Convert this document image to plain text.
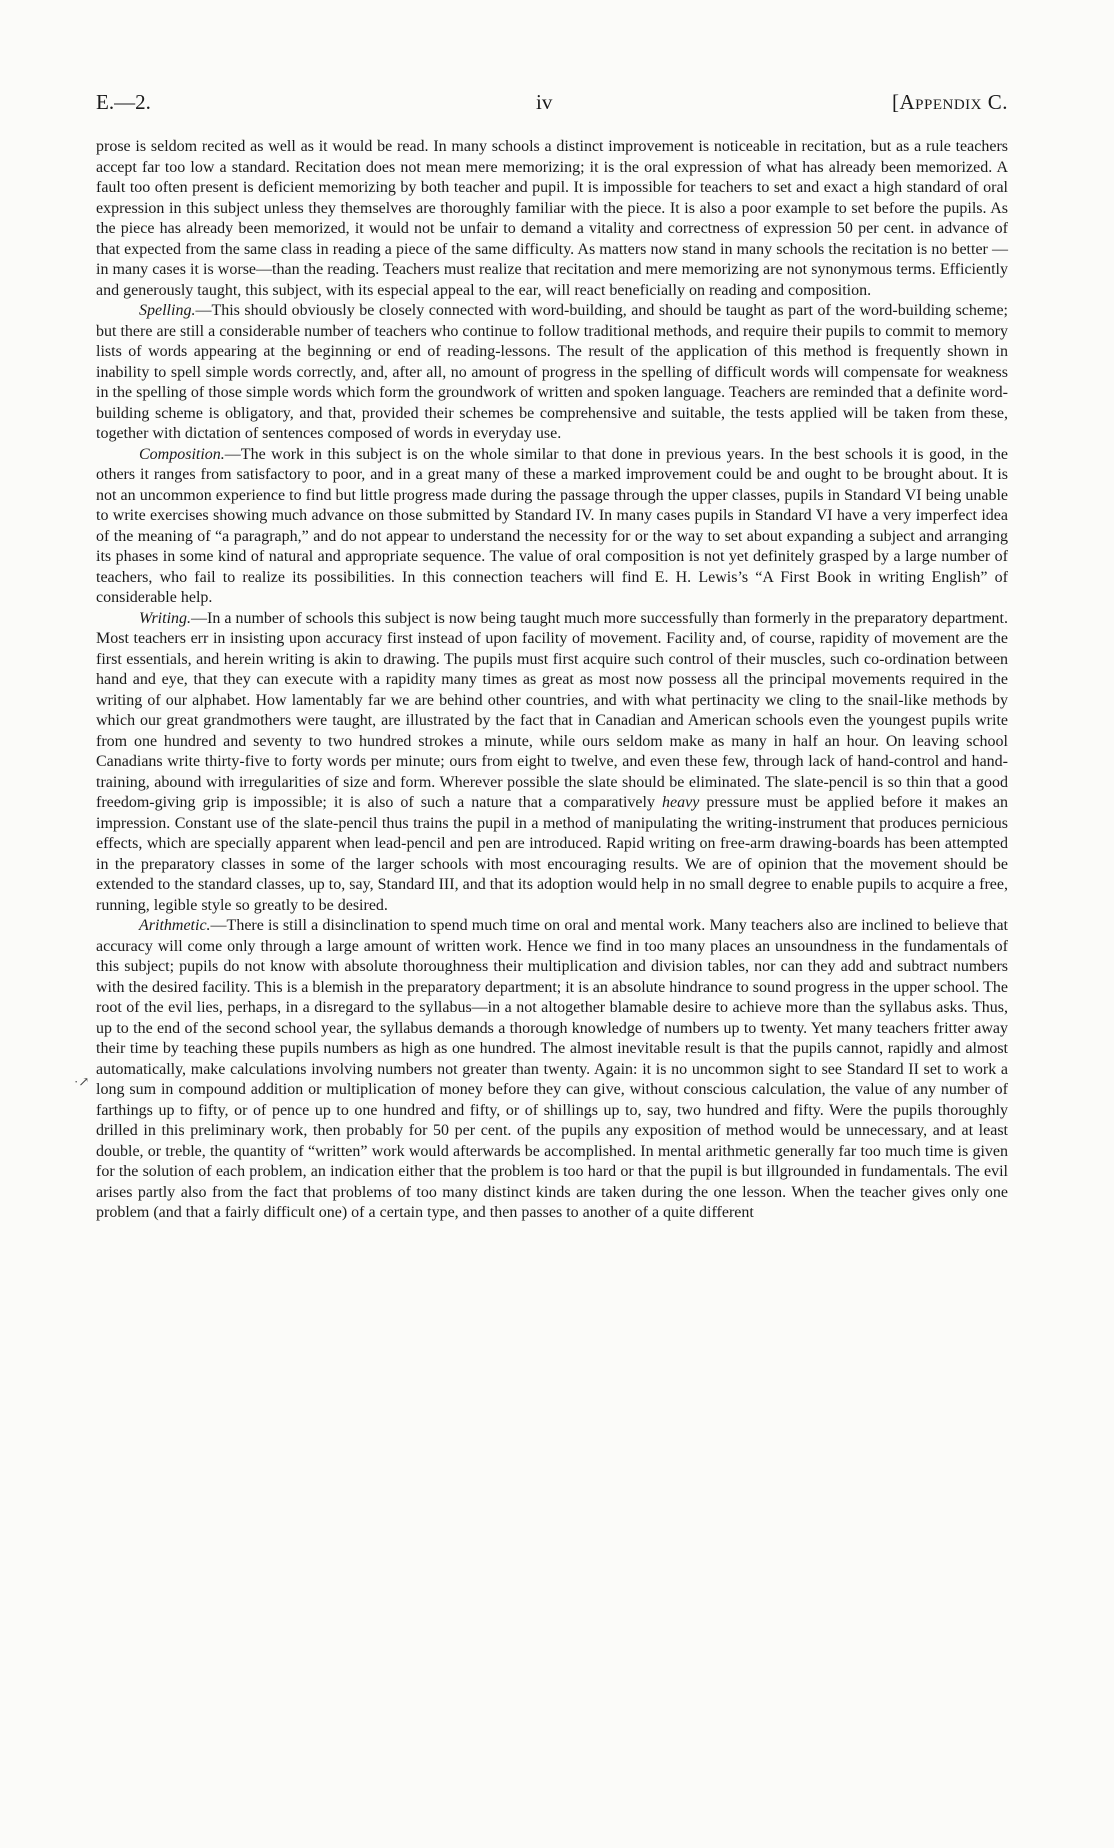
E.—2.	iv	[Appendix C.
·↗

prose is seldom recited as well as it would be read. In many schools a distinct improvement is noticeable in recitation, but as a rule teachers accept far too low a standard. Recitation does not mean mere memorizing; it is the oral expression of what has already been memorized. A fault too often present is deficient memorizing by both teacher and pupil. It is impossible for teachers to set and exact a high standard of oral expression in this subject unless they themselves are thoroughly familiar with the piece. It is also a poor example to set before the pupils. As the piece has already been memorized, it would not be unfair to demand a vitality and correctness of expression 50 per cent. in advance of that expected from the same class in reading a piece of the same difficulty. As matters now stand in many schools the recitation is no better —in many cases it is worse—than the reading. Teachers must realize that recitation and mere memorizing are not synonymous terms. Efficiently and generously taught, this subject, with its especial appeal to the ear, will react beneficially on reading and composition.

Spelling.—This should obviously be closely connected with word-building, and should be taught as part of the word-building scheme; but there are still a considerable number of teachers who continue to follow traditional methods, and require their pupils to commit to memory lists of words appearing at the beginning or end of reading-lessons. The result of the application of this method is frequently shown in inability to spell simple words correctly, and, after all, no amount of progress in the spelling of difficult words will compensate for weakness in the spelling of those simple words which form the groundwork of written and spoken language. Teachers are reminded that a definite word-building scheme is obligatory, and that, provided their schemes be comprehensive and suitable, the tests applied will be taken from these, together with dictation of sentences composed of words in everyday use.

Composition.—The work in this subject is on the whole similar to that done in previous years. In the best schools it is good, in the others it ranges from satisfactory to poor, and in a great many of these a marked improvement could be and ought to be brought about. It is not an uncommon experience to find but little progress made during the passage through the upper classes, pupils in Standard VI being unable to write exercises showing much advance on those submitted by Standard IV. In many cases pupils in Standard VI have a very imperfect idea of the meaning of “a paragraph,” and do not appear to understand the necessity for or the way to set about expanding a subject and arranging its phases in some kind of natural and appropriate sequence. The value of oral composition is not yet definitely grasped by a large number of teachers, who fail to realize its possibilities. In this connection teachers will find E. H. Lewis’s “A First Book in writing English” of considerable help.

Writing.—In a number of schools this subject is now being taught much more successfully than formerly in the preparatory department. Most teachers err in insisting upon accuracy first instead of upon facility of movement. Facility and, of course, rapidity of movement are the first essentials, and herein writing is akin to drawing. The pupils must first acquire such control of their muscles, such co-ordination between hand and eye, that they can execute with a rapidity many times as great as most now possess all the principal movements required in the writing of our alphabet. How lamentably far we are behind other countries, and with what pertinacity we cling to the snail-like methods by which our great grandmothers were taught, are illustrated by the fact that in Canadian and American schools even the youngest pupils write from one hundred and seventy to two hundred strokes a minute, while ours seldom make as many in half an hour. On leaving school Canadians write thirty-five to forty words per minute; ours from eight to twelve, and even these few, through lack of hand-control and hand-training, abound with irregularities of size and form. Wherever possible the slate should be eliminated. The slate-pencil is so thin that a good freedom-giving grip is impossible; it is also of such a nature that a comparatively heavy pressure must be applied before it makes an impression. Constant use of the slate-pencil thus trains the pupil in a method of manipulating the writing-instrument that produces pernicious effects, which are specially apparent when lead-pencil and pen are introduced. Rapid writing on free-arm drawing-boards has been attempted in the preparatory classes in some of the larger schools with most encouraging results. We are of opinion that the movement should be extended to the standard classes, up to, say, Standard III, and that its adoption would help in no small degree to enable pupils to acquire a free, running, legible style so greatly to be desired.

Arithmetic.—There is still a disinclination to spend much time on oral and mental work. Many teachers also are inclined to believe that accuracy will come only through a large amount of written work. Hence we find in too many places an unsoundness in the fundamentals of this subject; pupils do not know with absolute thoroughness their multiplication and division tables, nor can they add and subtract numbers with the desired facility. This is a blemish in the preparatory department; it is an absolute hindrance to sound progress in the upper school. The root of the evil lies, perhaps, in a disregard to the syllabus—in a not altogether blamable desire to achieve more than the syllabus asks. Thus, up to the end of the second school year, the syllabus demands a thorough knowledge of numbers up to twenty. Yet many teachers fritter away their time by teaching these pupils numbers as high as one hundred. The almost inevitable result is that the pupils cannot, rapidly and almost automatically, make calculations involving numbers not greater than twenty. Again: it is no uncommon sight to see Standard II set to work a long sum in compound addition or multiplication of money before they can give, without conscious calculation, the value of any number of farthings up to fifty, or of pence up to one hundred and fifty, or of shillings up to, say, two hundred and fifty. Were the pupils thoroughly drilled in this preliminary work, then probably for 50 per cent. of the pupils any exposition of method would be unnecessary, and at least double, or treble, the quantity of “written” work would afterwards be accomplished. In mental arithmetic generally far too much time is given for the solution of each problem, an indication either that the problem is too hard or that the pupil is but illgrounded in fundamentals. The evil arises partly also from the fact that problems of too many distinct kinds are taken during the one lesson. When the teacher gives only one problem (and that a fairly difficult one) of a certain type, and then passes to another of a quite different
